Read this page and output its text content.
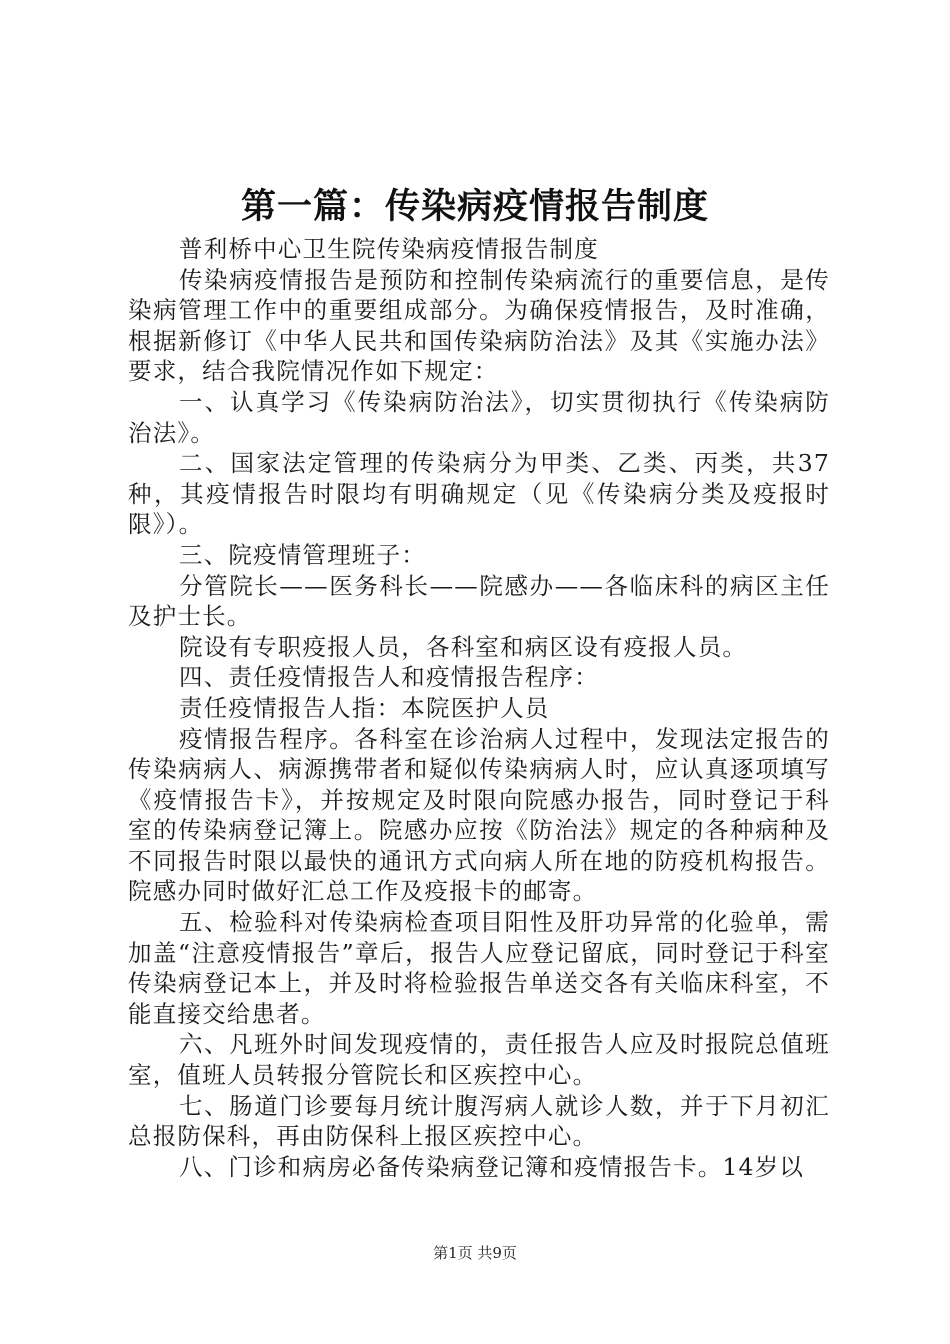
第一篇：传染病疫情报告制度

普利桥中心卫生院传染病疫情报告制度

传染病疫情报告是预防和控制传染病流行的重要信息，是传染病管理工作中的重要组成部分。为确保疫情报告，及时准确，根据新修订《中华人民共和国传染病防治法》及其《实施办法》要求，结合我院情况作如下规定：

一、认真学习《传染病防治法》，切实贯彻执行《传染病防治法》。

二、国家法定管理的传染病分为甲类、乙类、丙类，共37种，其疫情报告时限均有明确规定（见《传染病分类及疫报时限》）。

三、院疫情管理班子：

分管院长——医务科长——院感办——各临床科的病区主任及护士长。

院设有专职疫报人员，各科室和病区设有疫报人员。

四、责任疫情报告人和疫情报告程序：

责任疫情报告人指：本院医护人员

疫情报告程序。各科室在诊治病人过程中，发现法定报告的传染病病人、病源携带者和疑似传染病病人时，应认真逐项填写《疫情报告卡》，并按规定及时限向院感办报告，同时登记于科室的传染病登记簿上。院感办应按《防治法》规定的各种病种及不同报告时限以最快的通讯方式向病人所在地的防疫机构报告。院感办同时做好汇总工作及疫报卡的邮寄。

五、检验科对传染病检查项目阳性及肝功异常的化验单，需加盖“注意疫情报告”章后，报告人应登记留底，同时登记于科室传染病登记本上，并及时将检验报告单送交各有关临床科室，不能直接交给患者。

六、凡班外时间发现疫情的，责任报告人应及时报院总值班室，值班人员转报分管院长和区疾控中心。

七、肠道门诊要每月统计腹泻病人就诊人数，并于下月初汇总报防保科，再由防保科上报区疾控中心。

八、门诊和病房必备传染病登记簿和疫情报告卡。14岁以

第1页 共9页
